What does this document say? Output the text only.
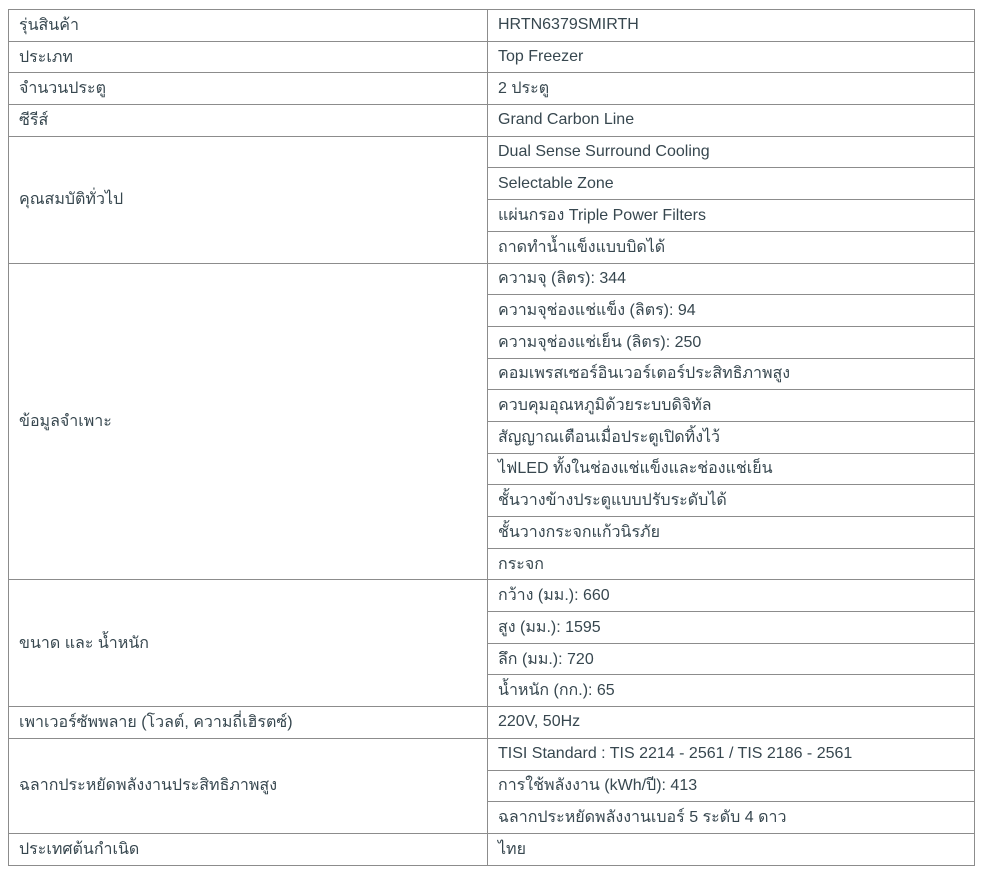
รุ่นสินค้า	HRTN6379SMIRTH
ประเภท	Top Freezer
จำนวนประตู	2 ประตู
ซีรีส์	Grand Carbon Line
คุณสมบัติทั่วไป	Dual Sense Surround Cooling
	Selectable Zone
	แผ่นกรอง Triple Power Filters
	ถาดทำน้ำแข็งแบบบิดได้
ข้อมูลจำเพาะ	ความจุ (ลิตร): 344
	ความจุช่องแช่แข็ง (ลิตร): 94
	ความจุช่องแช่เย็น (ลิตร): 250
	คอมเพรสเซอร์อินเวอร์เตอร์ประสิทธิภาพสูง
	ควบคุมอุณหภูมิด้วยระบบดิจิทัล
	สัญญาณเตือนเมื่อประตูเปิดทิ้งไว้
	ไฟLED ทั้งในช่องแช่แข็งและช่องแช่เย็น
	ชั้นวางข้างประตูแบบปรับระดับได้
	ชั้นวางกระจกแก้วนิรภัย
	กระจก
ขนาด และ น้ำหนัก	กว้าง (มม.): 660
	สูง (มม.): 1595
	ลึก (มม.): 720
	น้ำหนัก (กก.): 65
เพาเวอร์ซัพพลาย (โวลต์, ความถี่เฮิรตซ์)	220V, 50Hz
ฉลากประหยัดพลังงานประสิทธิภาพสูง	TISI Standard : TIS 2214 - 2561 / TIS 2186 - 2561
	การใช้พลังงาน (kWh/ปี): 413
	ฉลากประหยัดพลังงานเบอร์ 5 ระดับ 4 ดาว
ประเทศต้นกำเนิด	ไทย
